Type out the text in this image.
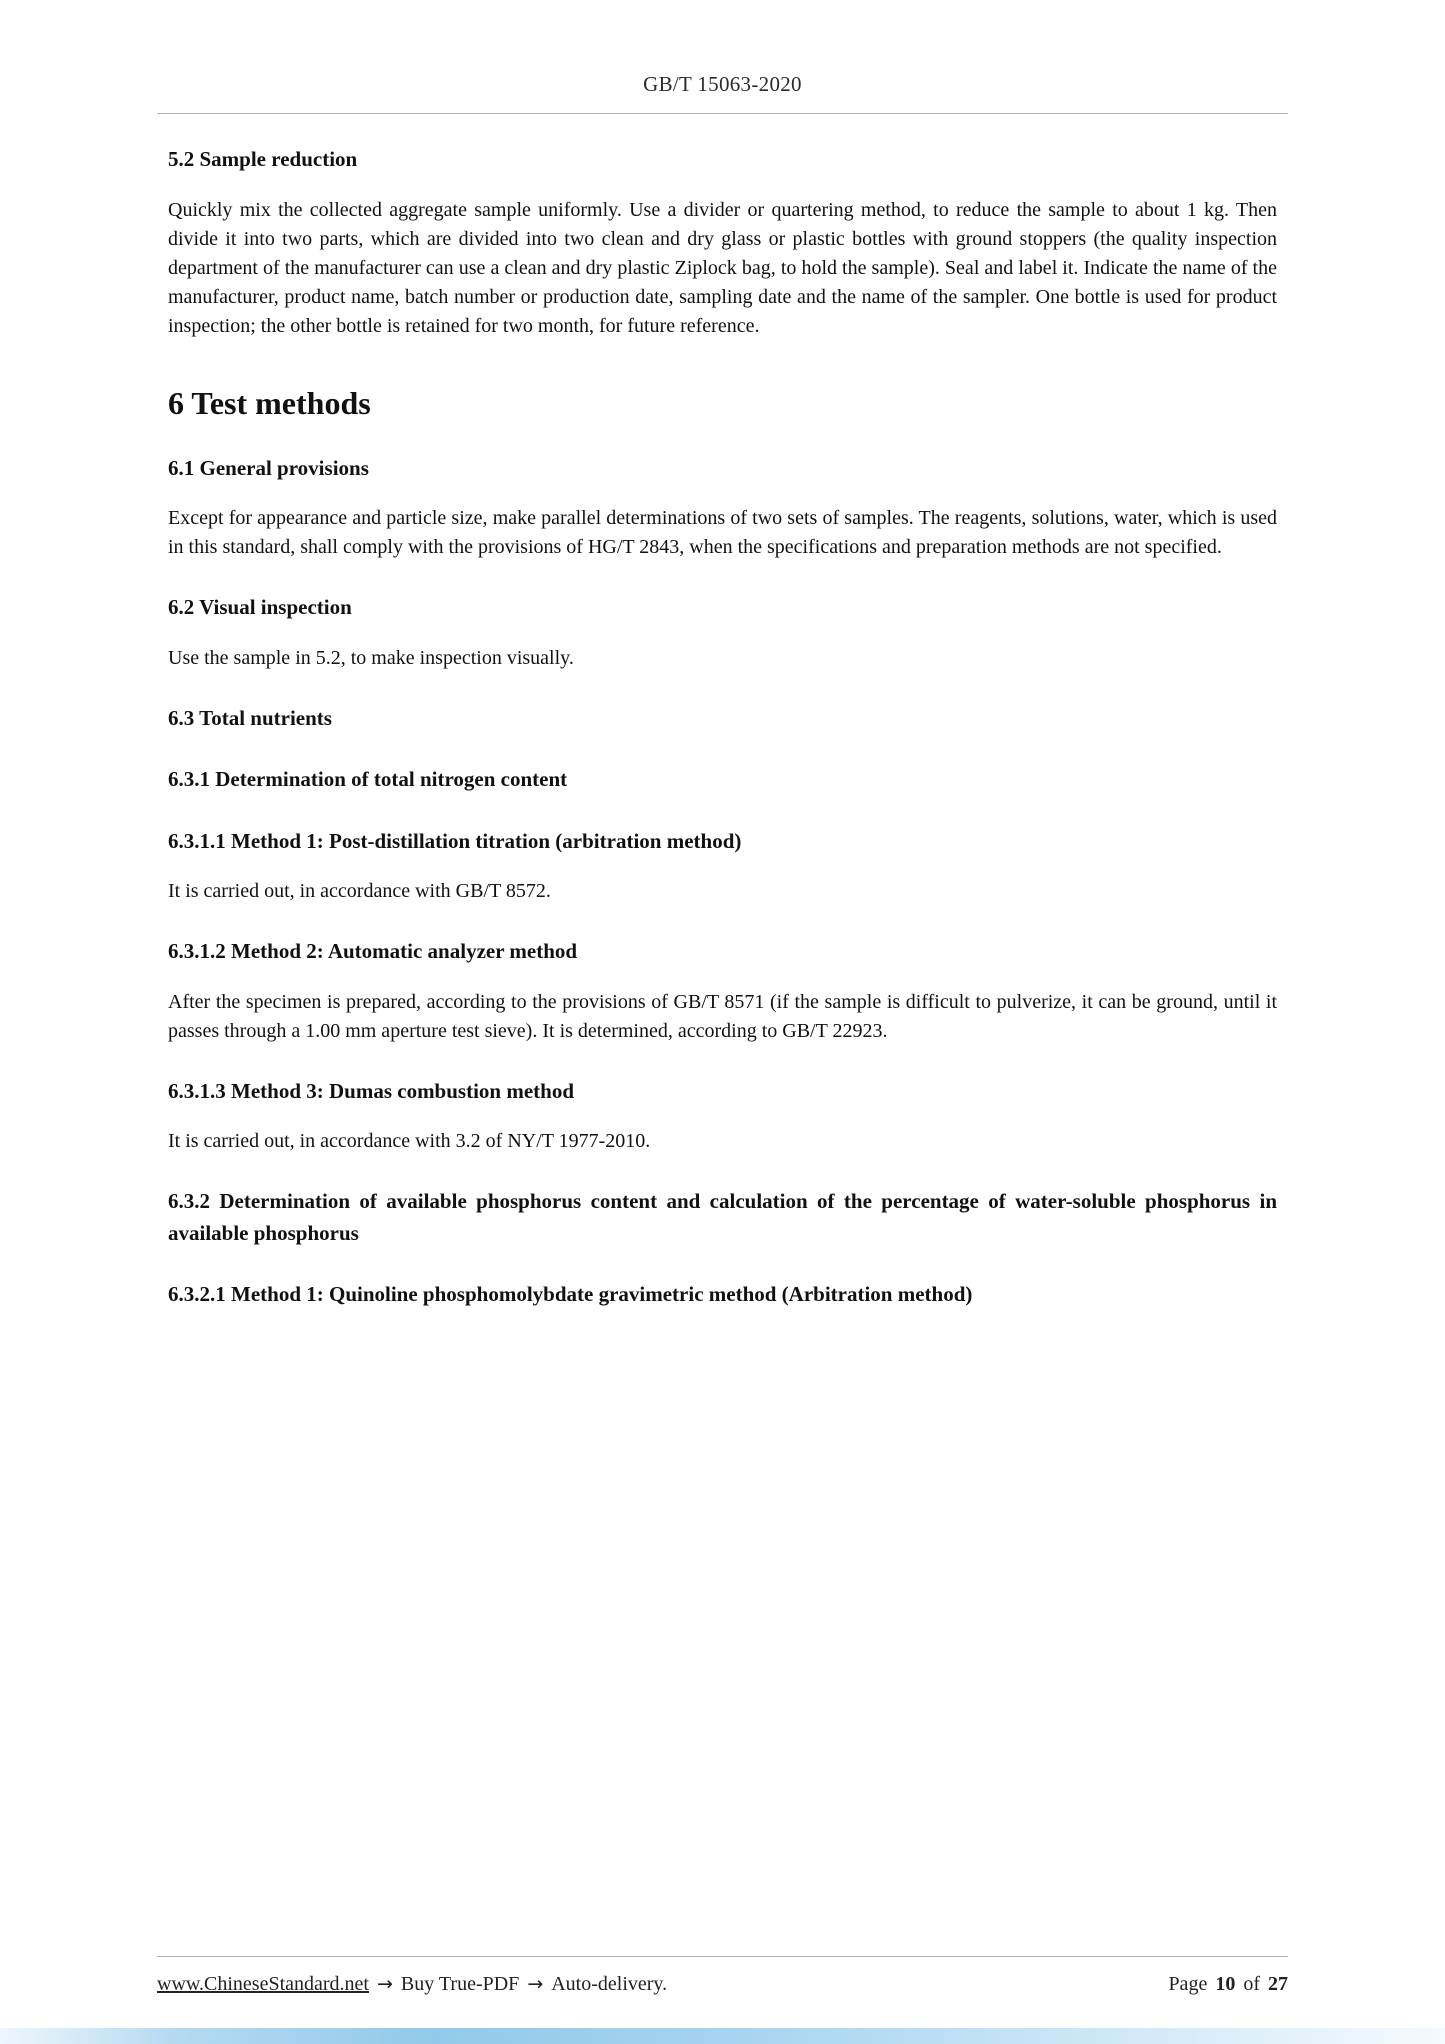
GB/T 15063-2020
5.2 Sample reduction

Quickly mix the collected aggregate sample uniformly. Use a divider or quartering method, to reduce the sample to about 1 kg. Then divide it into two parts, which are divided into two clean and dry glass or plastic bottles with ground stoppers (the quality inspection department of the manufacturer can use a clean and dry plastic Ziplock bag, to hold the sample). Seal and label it. Indicate the name of the manufacturer, product name, batch number or production date, sampling date and the name of the sampler. One bottle is used for product inspection; the other bottle is retained for two month, for future reference.

6 Test methods
6.1 General provisions

Except for appearance and particle size, make parallel determinations of two sets of samples. The reagents, solutions, water, which is used in this standard, shall comply with the provisions of HG/T 2843, when the specifications and preparation methods are not specified.

6.2 Visual inspection

Use the sample in 5.2, to make inspection visually.

6.3 Total nutrients
6.3.1 Determination of total nitrogen content
6.3.1.1 Method 1: Post-distillation titration (arbitration method)

It is carried out, in accordance with GB/T 8572.

6.3.1.2 Method 2: Automatic analyzer method

After the specimen is prepared, according to the provisions of GB/T 8571 (if the sample is difficult to pulverize, it can be ground, until it passes through a 1.00 mm aperture test sieve). It is determined, according to GB/T 22923.

6.3.1.3 Method 3: Dumas combustion method

It is carried out, in accordance with 3.2 of NY/T 1977-2010.

6.3.2 Determination of available phosphorus content and calculation of the percentage of water-soluble phosphorus in available phosphorus
6.3.2.1 Method 1: Quinoline phosphomolybdate gravimetric method (Arbitration method)
www.ChineseStandard.net → Buy True-PDF → Auto-delivery.	Page 10 of 27
